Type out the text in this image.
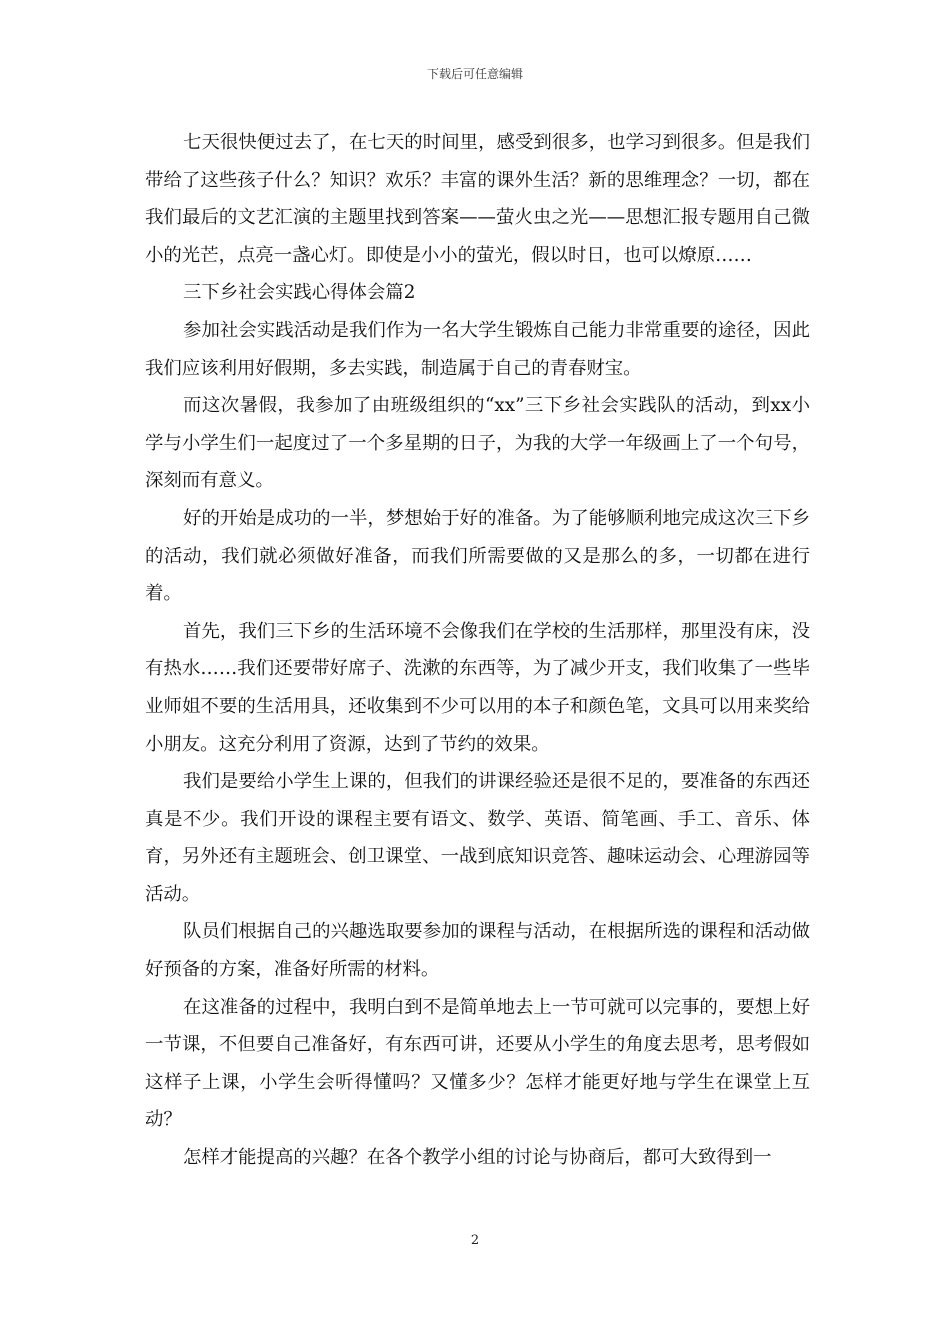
下载后可任意编辑

七天很快便过去了，在七天的时间里，感受到很多，也学习到很多。但是我们带给了这些孩子什么？知识？欢乐？丰富的课外生活？新的思维理念？一切，都在我们最后的文艺汇演的主题里找到答案——萤火虫之光——思想汇报专题用自己微小的光芒，点亮一盏心灯。即使是小小的萤光，假以时日，也可以燎原……

三下乡社会实践心得体会篇2

参加社会实践活动是我们作为一名大学生锻炼自己能力非常重要的途径，因此我们应该利用好假期，多去实践，制造属于自己的青春财宝。

而这次暑假，我参加了由班级组织的“xx”三下乡社会实践队的活动，到xx小学与小学生们一起度过了一个多星期的日子，为我的大学一年级画上了一个句号，深刻而有意义。

好的开始是成功的一半，梦想始于好的准备。为了能够顺利地完成这次三下乡的活动，我们就必须做好准备，而我们所需要做的又是那么的多，一切都在进行着。

首先，我们三下乡的生活环境不会像我们在学校的生活那样，那里没有床，没有热水……我们还要带好席子、洗漱的东西等，为了减少开支，我们收集了一些毕业师姐不要的生活用具，还收集到不少可以用的本子和颜色笔，文具可以用来奖给小朋友。这充分利用了资源，达到了节约的效果。

我们是要给小学生上课的，但我们的讲课经验还是很不足的，要准备的东西还真是不少。我们开设的课程主要有语文、数学、英语、简笔画、手工、音乐、体育，另外还有主题班会、创卫课堂、一战到底知识竞答、趣味运动会、心理游园等活动。

队员们根据自己的兴趣选取要参加的课程与活动，在根据所选的课程和活动做好预备的方案，准备好所需的材料。

在这准备的过程中，我明白到不是简单地去上一节可就可以完事的，要想上好一节课，不但要自己准备好，有东西可讲，还要从小学生的角度去思考，思考假如这样子上课，小学生会听得懂吗？又懂多少？怎样才能更好地与学生在课堂上互动？

怎样才能提高的兴趣？在各个教学小组的讨论与协商后，都可大致得到一

2
